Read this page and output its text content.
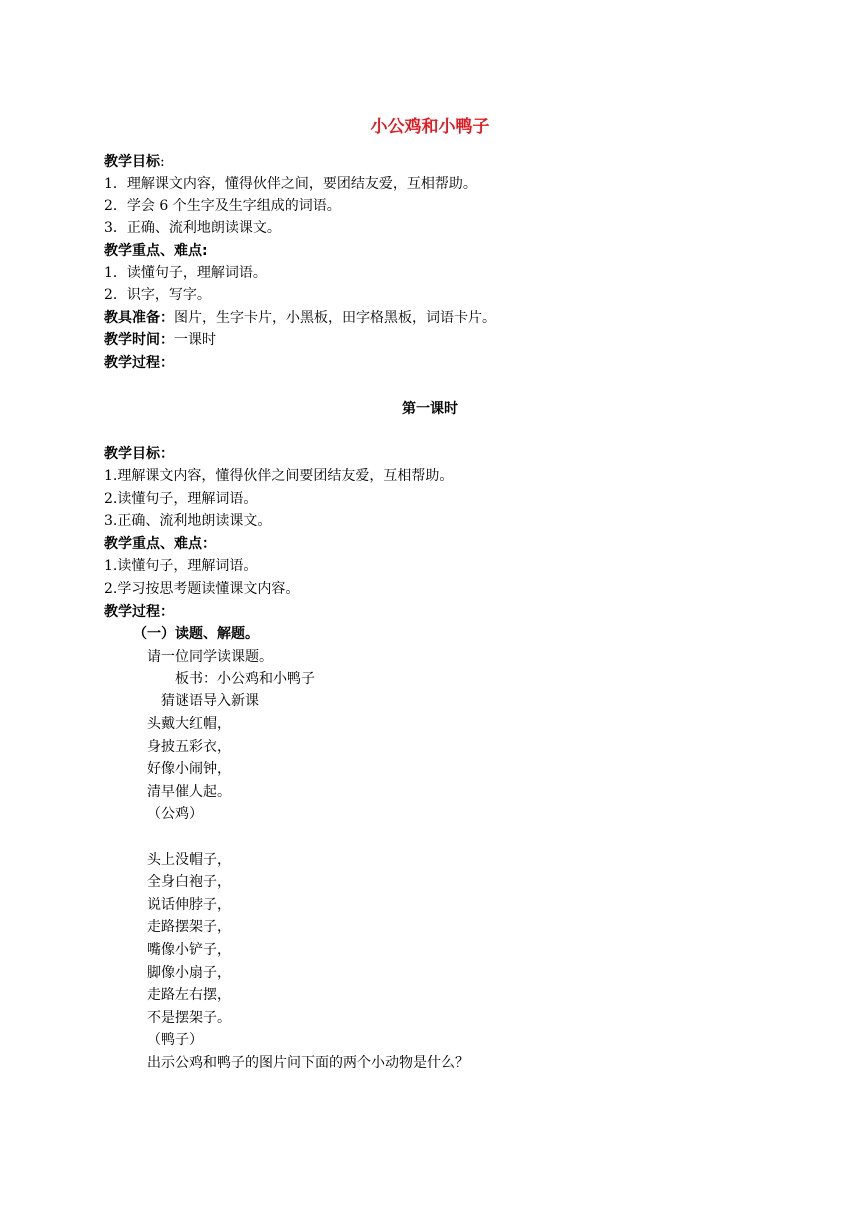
小公鸡和小鸭子
教学目标:
1．理解课文内容，懂得伙伴之间，要团结友爱，互相帮助。
2．学会 6 个生字及生字组成的词语。
3．正确、流利地朗读课文。
教学重点、难点:
1．读懂句子，理解词语。
2．识字，写字。
教具准备：图片，生字卡片，小黑板，田字格黑板，词语卡片。
教学时间：一课时
教学过程：
第一课时
教学目标：
1.理解课文内容，懂得伙伴之间要团结友爱，互相帮助。
2.读懂句子，理解词语。
3.正确、流利地朗读课文。
教学重点、难点：
1.读懂句子，理解词语。
2.学习按思考题读懂课文内容。
教学过程：
（一）读题、解题。
请一位同学读课题。
板书：小公鸡和小鸭子
猜谜语导入新课
头戴大红帽，
身披五彩衣，
好像小闹钟，
清早催人起。
（公鸡）
头上没帽子，
全身白袍子，
说话伸脖子，
走路摆架子，
嘴像小铲子，
脚像小扇子，
走路左右摆，
不是摆架子。
（鸭子）
出示公鸡和鸭子的图片问下面的两个小动物是什么？
